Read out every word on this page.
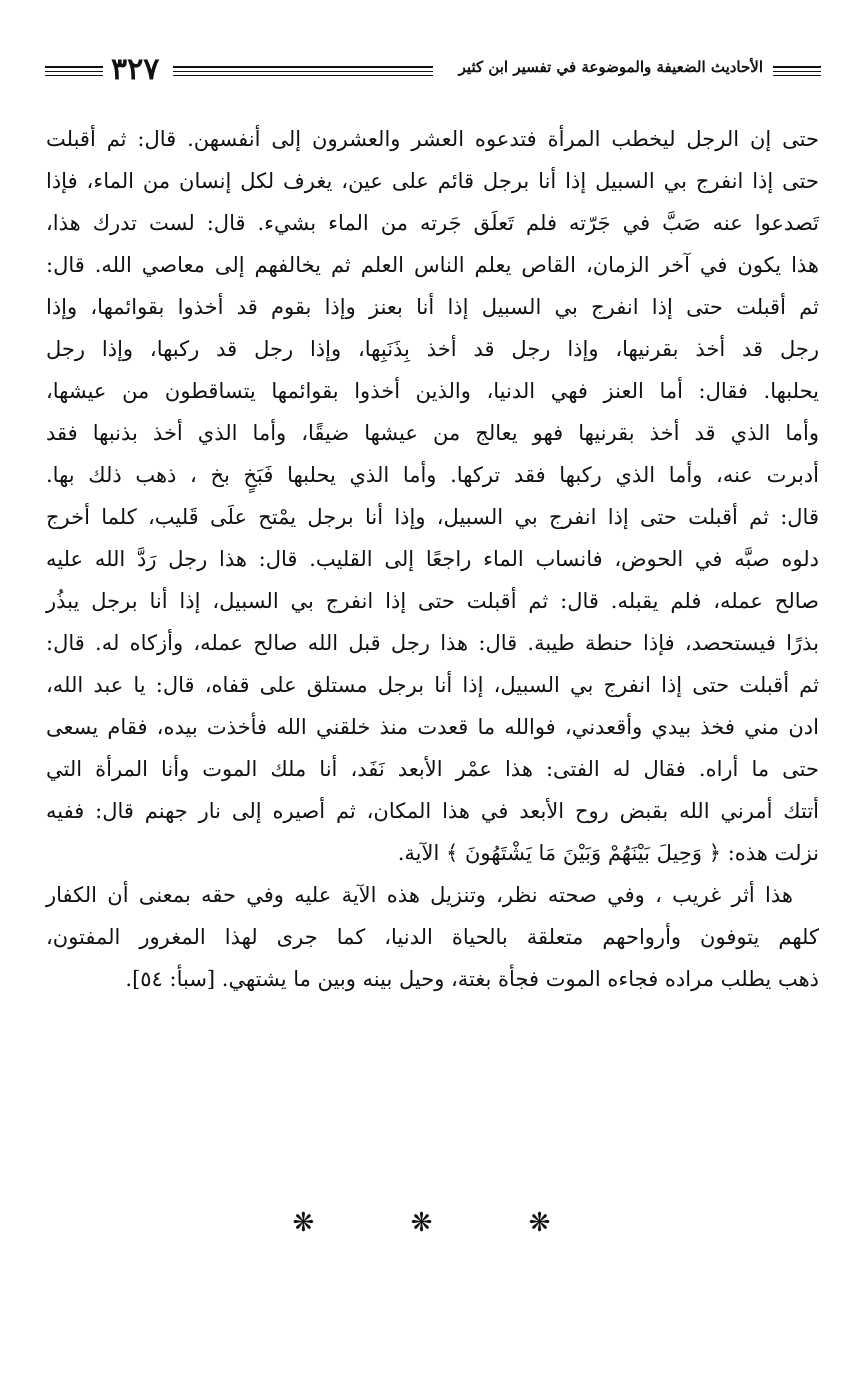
الأحاديث الضعيفة والموضوعة في تفسير ابن كثير
٣٢٧

حتى إن الرجل ليخطب المرأة فتدعوه العشر والعشرون إلى أنفسهن. قال: ثم أقبلت
حتى إذا انفرج بي السبيل إذا أنا برجل قائم على عين، يغرف لكل إنسان من الماء، فإذا
تَصدعوا عنه صَبَّ في جَرّته فلم تَعلَق جَرته من الماء بشيء. قال: لست تدرك هذا،
هذا يكون في آخر الزمان، القاص يعلم الناس العلم ثم يخالفهم إلى معاصي الله. قال:
ثم أقبلت حتى إذا انفرج بي السبيل إذا أنا بعنز وإذا بقوم قد أخذوا بقوائمها، وإذا
رجل قد أخذ بقرنيها، وإذا رجل قد أخذ بِذَنَبِها، وإذا رجل قد ركبها، وإذا رجل
يحلبها. فقال: أما العنز فهي الدنيا، والذين أخذوا بقوائمها يتساقطون من عيشها،
وأما الذي قد أخذ بقرنيها فهو يعالج من عيشها ضيقًا، وأما الذي أخذ بذنبها فقد
أدبرت عنه، وأما الذي ركبها فقد تركها. وأما الذي يحلبها فَبَخٍ بخ ، ذهب ذلك بها.
قال: ثم أقبلت حتى إذا انفرج بي السبيل، وإذا أنا برجل يمْتح علَى قَليب، كلما أخرج
دلوه صبَّه في الحوض، فانساب الماء راجعًا إلى القليب. قال: هذا رجل رَدَّ الله عليه
صالح عمله، فلم يقبله. قال: ثم أقبلت حتى إذا انفرج بي السبيل، إذا أنا برجل يبذُر
بذرًا فيستحصد، فإذا حنطة طيبة. قال: هذا رجل قبل الله صالح عمله، وأزكاه له. قال:
ثم أقبلت حتى إذا انفرج بي السبيل، إذا أنا برجل مستلق على قفاه، قال: يا عبد الله،
ادن مني فخذ بيدي وأقعدني، فوالله ما قعدت منذ خلقني الله فأخذت بيده، فقام يسعى
حتى ما أراه. فقال له الفتى: هذا عمْر الأبعد نَفَد، أنا ملك الموت وأنا المرأة التي
أتتك أمرني الله بقبض روح الأبعد في هذا المكان، ثم أصيره إلى نار جهنم قال: ففيه
نزلت هذه: ﴿ وَحِيلَ بَيْنَهُمْ وَبَيْنَ مَا يَشْتَهُونَ ﴾ الآية.

هذا أثر غريب ، وفي صحته نظر، وتنزيل هذه الآية عليه وفي حقه بمعنى أن الكفار
كلهم يتوفون وأرواحهم متعلقة بالحياة الدنيا، كما جرى لهذا المغرور المفتون،
ذهب يطلب مراده فجاءه الموت فجأة بغتة، وحيل بينه وبين ما يشتهي. [سبأ: ٥٤].

❋ ❋ ❋
